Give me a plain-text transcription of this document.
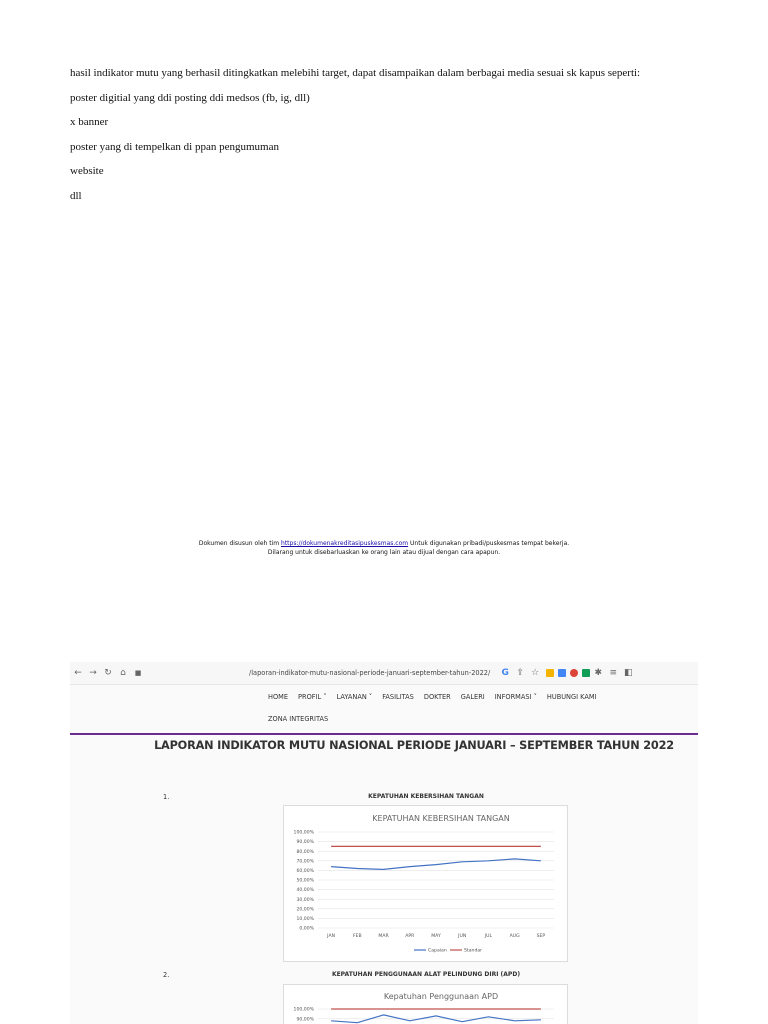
hasil indikator mutu yang berhasil ditingkatkan melebihi target, dapat disampaikan dalam berbagai media sesuai sk kapus seperti:

poster digitial yang ddi posting ddi medsos (fb, ig, dll)

x banner

poster yang di tempelkan di ppan pengumuman

website

dll

Dokumen disusun oleh tim https://dokumenakreditasipuskesmas.com Untuk digunakan pribadi/puskesmas tempat bekerja.
Dilarang untuk disebarluaskan ke orang lain atau dijual dengan cara apapun.
← → ↻ ⌂	■	/laporan-indikator-mutu-nasional-periode-januari-september-tahun-2022/	G ⇪ ☆	✱ ≡ ◧
HOME PROFIL ˅ LAYANAN ˅ FASILITAS DOKTER GALERI INFORMASI ˅ HUBUNGI KAMI
ZONA INTEGRITAS
LAPORAN INDIKATOR MUTU NASIONAL PERIODE JANUARI – SEPTEMBER TAHUN 2022
1.	KEPATUHAN KEBERSIHAN TANGAN
KEPATUHAN KEBERSIHAN TANGAN
100,00%
90,00%
80,00%
70,00%
60,00%
50,00%
40,00%
30,00%
20,00%
10,00%
0,00%
JAN	FEB	MAR	APR	MAY	JUN	JUL	AUG	SEP
Capaian	Standar
2.	KEPATUHAN PENGGUNAAN ALAT PELINDUNG DIRI (APD)
Kepatuhan Penggunaan APD
100,00%
90,00%
